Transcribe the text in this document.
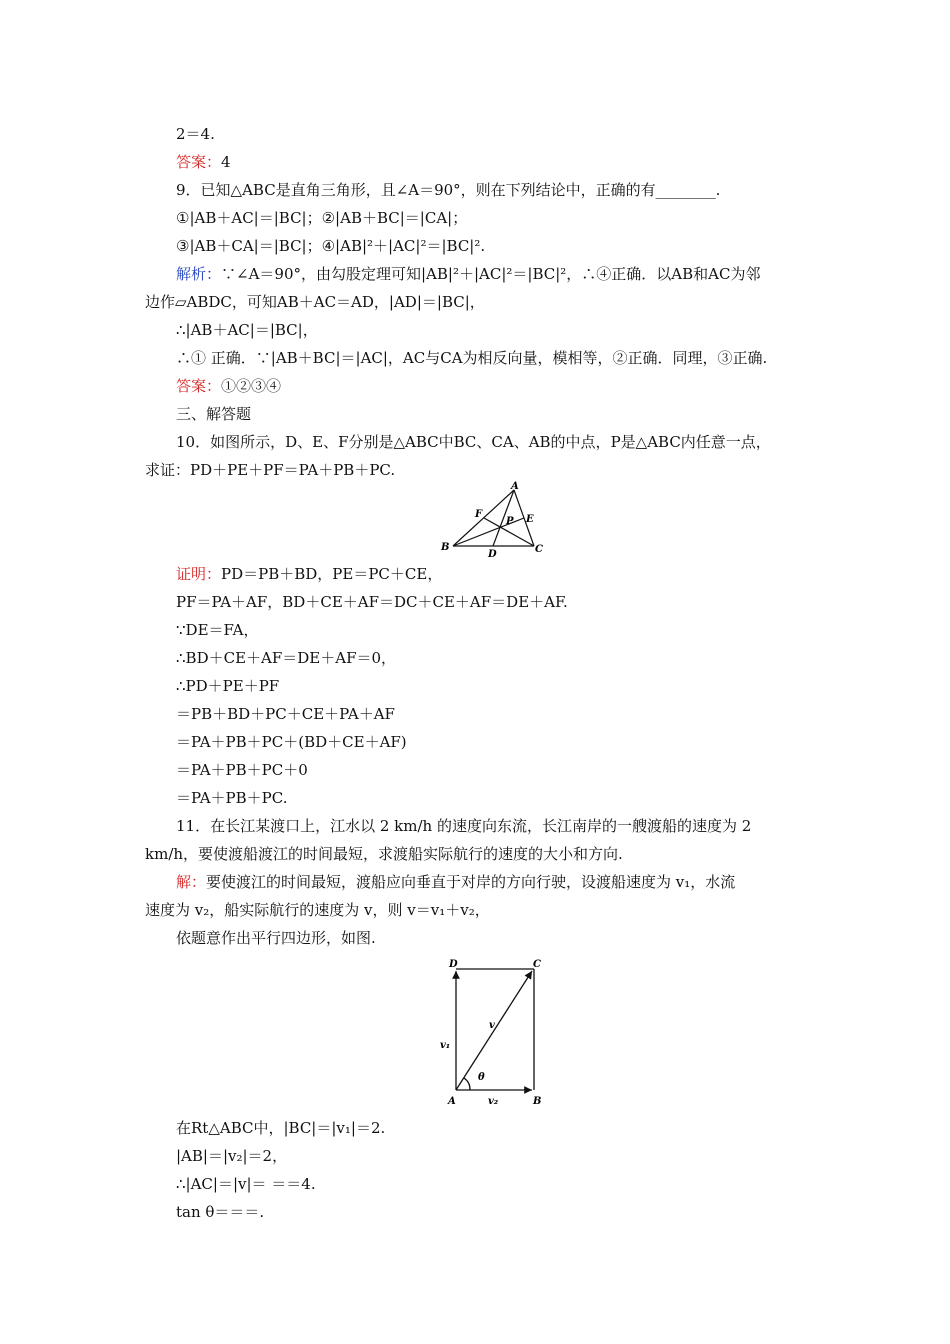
2＝4.
答案：4
9．已知△ABC是直角三角形，且∠A＝90°，则在下列结论中，正确的有________.
①|AB＋AC|＝|BC|；②|AB＋BC|＝|CA|；
③|AB＋CA|＝|BC|；④|AB|²＋|AC|²＝|BC|².
解析：∵∠A＝90°，由勾股定理可知|AB|²＋|AC|²＝|BC|²，∴④正确．以AB和AC为邻
边作▱ABDC，可知AB＋AC＝AD，|AD|＝|BC|，
∴|AB＋AC|＝|BC|，
∴① 正确．∵|AB＋BC|＝|AC|，AC与CA为相反向量，模相等，②正确．同理，③正确.
答案：①②③④
三、解答题
10．如图所示，D、E、F分别是△ABC中BC、CA、AB的中点，P是△ABC内任意一点，
求证：PD＋PE＋PF＝PA＋PB＋PC.
A
B	C
D
E
F
P
证明：PD＝PB＋BD，PE＝PC＋CE，
PF＝PA＋AF，BD＋CE＋AF＝DC＋CE＋AF＝DE＋AF.
∵DE＝FA，
∴BD＋CE＋AF＝DE＋AF＝0，
∴PD＋PE＋PF
＝PB＋BD＋PC＋CE＋PA＋AF
＝PA＋PB＋PC＋(BD＋CE＋AF)
＝PA＋PB＋PC＋0
＝PA＋PB＋PC.
11．在长江某渡口上，江水以 2 km/h 的速度向东流，长江南岸的一艘渡船的速度为 2
km/h，要使渡船渡江的时间最短，求渡船实际航行的速度的大小和方向.
解：要使渡江的时间最短，渡船应向垂直于对岸的方向行驶，设渡船速度为 v₁，水流
速度为 v₂，船实际航行的速度为 v，则 v＝v₁＋v₂，
依题意作出平行四边形，如图.
D	C
A	B
v
v₁
v₂
θ
在Rt△ABC中，|BC|＝|v₁|＝2.
|AB|＝|v₂|＝2，
∴|AC|＝|v|＝ ＝＝4.
tan θ＝＝＝.
